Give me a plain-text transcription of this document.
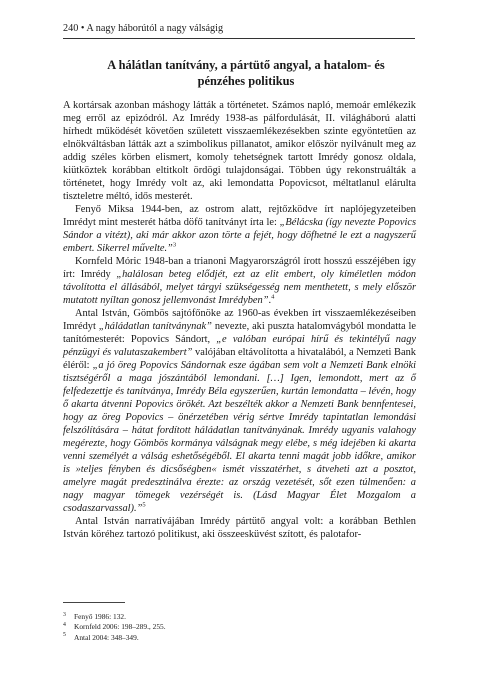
240 • A nagy háborútól a nagy válságig
A hálátlan tanítvány, a pártütő angyal, a hatalom- és
pénzéhes politikus

A kortársak azonban máshogy látták a történetet. Számos napló, memoár emlékezik meg erről az epizódról. Az Imrédy 1938-as pálfordulását, II. világháború alatti hírhedt működését követően született visszaemlékezésekben szinte egyöntetűen az elnökváltásban látták azt a szimbolikus pillanatot, amikor először nyilvánult meg az addig széles körben elismert, komoly tehetségnek tartott Imrédy gonosz oldala, kiütköztek korábban eltitkolt ördögi tulajdonságai. Többen úgy rekonstruálták a történetet, hogy Imrédy volt az, aki lemondatta Popovicsot, méltatlanul elárulta tiszteletre méltó, idős mesterét.

Fenyő Miksa 1944-ben, az ostrom alatt, rejtőzködve írt naplójegyzeteiben Imrédyt mint mesterét hátba döfő tanítványt írta le: „Bélácska (így nevezte Popovics Sándor a vitézt), aki már akkor azon törte a fejét, hogy döfhetné le ezt a nagyszerű embert. Sikerrel művelte.”$^3$

Kornfeld Móric 1948-ban a trianoni Magyarországról írott hosszú esszéjében így írt: Imrédy „halálosan beteg elődjét, ezt az elit embert, oly kíméletlen módon távolította el állásából, melyet tárgyi szükségesség nem menthetett, s mely először mutatott nyíltan gonosz jellemvonást Imrédyben”.$^4$

Antal István, Gömbös sajtófőnöke az 1960-as években írt visszaemlékezéseiben Imrédyt „háládatlan tanítványnak” nevezte, aki puszta hatalomvágyból mondatta le tanítómesterét: Popovics Sándort, „e valóban európai hírű és tekintélyű nagy pénzügyi és valutaszakembert” valójában eltávolította a hivatalából, a Nemzeti Bank éléről: „a jó öreg Popovics Sándornak esze ágában sem volt a Nemzeti Bank elnöki tisztségéről a maga jószántából lemondani. […] Igen, lemondott, mert az ő felfedezettje és tanítványa, Imrédy Béla egyszerűen, kurtán lemondatta – lévén, hogy ő akarta átvenni Popovics örökét. Azt beszélték akkor a Nemzeti Bank bennfentesei, hogy az öreg Popovics – önérzetében vérig sértve Imrédy tapintatlan lemondási felszólítására – hátat fordított háládatlan tanítványának. Imrédy ugyanis valahogy megérezte, hogy Gömbös kormánya válságnak megy elébe, s még idejében ki akarta venni személyét a válság eshetőségéből. El akarta tenni magát jobb időkre, amikor is »teljes fényben és dicsőségben« ismét visszatérhet, s átveheti azt a posztot, amelyre magát predesztinálva érezte: az ország vezetését, sőt ezen túlmenően: a nagy magyar tömegek vezérségét is. (Lásd Magyar Élet Mozgalom a csodaszarvassal).”$^5$

Antal István narratívájában Imrédy pártütő angyal volt: a korábban Bethlen István köréhez tartozó politikust, aki összeesküvést szított, és palotafor-

3 Fenyő 1986: 132.
4 Kornfeld 2006: 198–289., 255.
5 Antal 2004: 348–349.
